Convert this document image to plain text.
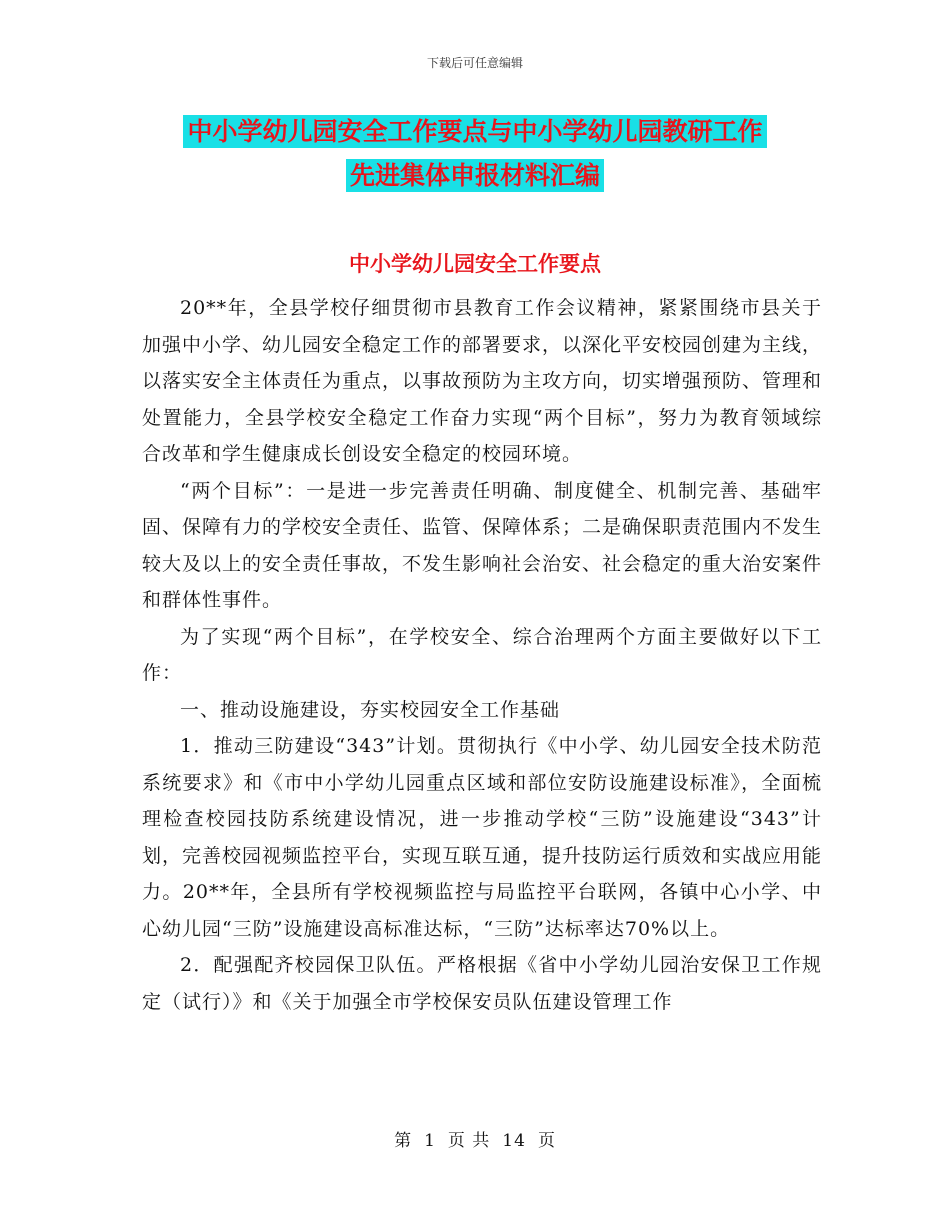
下载后可任意编辑
中小学幼儿园安全工作要点与中小学幼儿园教研工作
先进集体申报材料汇编
中小学幼儿园安全工作要点

20**年，全县学校仔细贯彻市县教育工作会议精神，紧紧围绕市县关于加强中小学、幼儿园安全稳定工作的部署要求，以深化平安校园创建为主线，以落实安全主体责任为重点，以事故预防为主攻方向，切实增强预防、管理和处置能力，全县学校安全稳定工作奋力实现“两个目标”，努力为教育领域综合改革和学生健康成长创设安全稳定的校园环境。

“两个目标”：一是进一步完善责任明确、制度健全、机制完善、基础牢固、保障有力的学校安全责任、监管、保障体系；二是确保职责范围内不发生较大及以上的安全责任事故，不发生影响社会治安、社会稳定的重大治安案件和群体性事件。

为了实现“两个目标”，在学校安全、综合治理两个方面主要做好以下工作：

一、推动设施建设，夯实校园安全工作基础

1．推动三防建设“343”计划。贯彻执行《中小学、幼儿园安全技术防范系统要求》和《市中小学幼儿园重点区域和部位安防设施建设标准》，全面梳理检查校园技防系统建设情况，进一步推动学校“三防”设施建设“343”计划，完善校园视频监控平台，实现互联互通，提升技防运行质效和实战应用能力。20**年，全县所有学校视频监控与局监控平台联网，各镇中心小学、中心幼儿园“三防”设施建设高标准达标，“三防”达标率达70%以上。

2．配强配齐校园保卫队伍。严格根据《省中小学幼儿园治安保卫工作规定（试行）》和《关于加强全市学校保安员队伍建设管理工作

第 1 页 共 14 页
